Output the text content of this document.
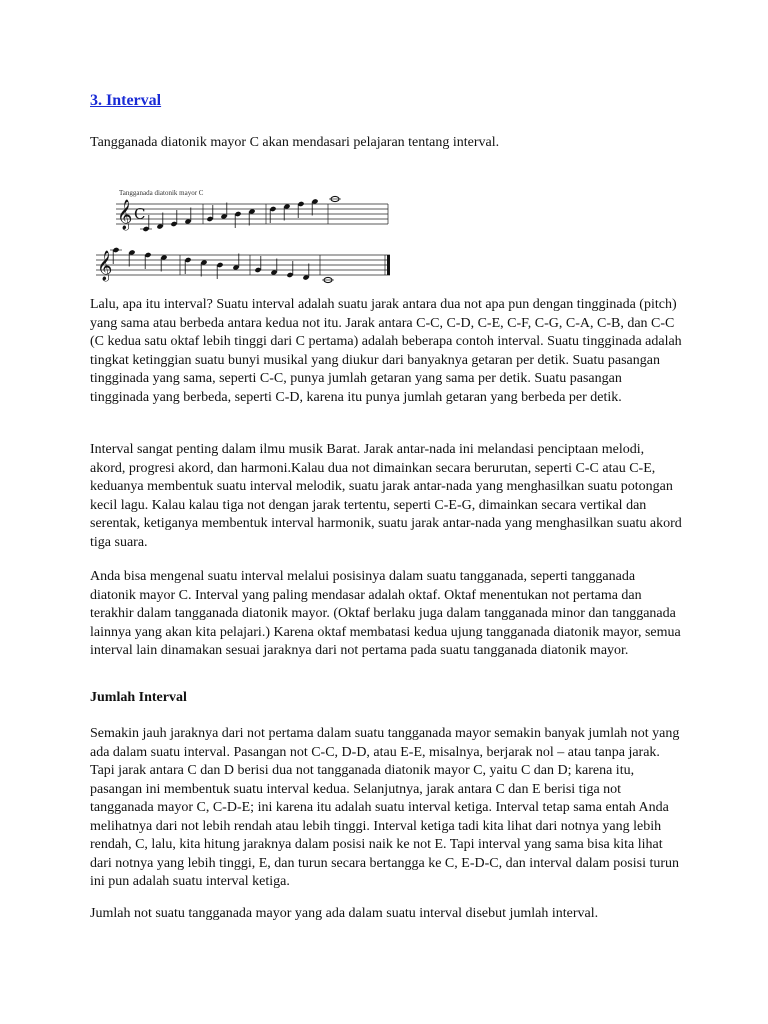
3. Interval

Tangganada diatonik mayor C akan mendasari pelajaran tentang interval.

Tangganada diatonik mayor C
𝄞 C
𝄞

Lalu, apa itu interval? Suatu interval adalah suatu jarak antara dua not apa pun dengan tingginada (pitch) yang sama atau berbeda antara kedua not itu. Jarak antara C-C, C-D, C-E, C-F, C-G, C-A, C-B, dan C-C (C kedua satu oktaf lebih tinggi dari C pertama) adalah beberapa contoh interval. Suatu tingginada adalah tingkat ketinggian suatu bunyi musikal yang diukur dari banyaknya getaran per detik. Suatu pasangan tingginada yang sama, seperti C-C, punya jumlah getaran yang sama per detik. Suatu pasangan tingginada yang berbeda, seperti C-D, karena itu punya jumlah getaran yang berbeda per detik.

Interval sangat penting dalam ilmu musik Barat. Jarak antar-nada ini melandasi penciptaan melodi, akord, progresi akord, dan harmoni.Kalau dua not dimainkan secara berurutan, seperti C-C atau C-E, keduanya membentuk suatu interval melodik, suatu jarak antar-nada yang menghasilkan suatu potongan kecil lagu. Kalau kalau tiga not dengan jarak tertentu, seperti C-E-G, dimainkan secara vertikal dan serentak, ketiganya membentuk interval harmonik, suatu jarak antar-nada yang menghasilkan suatu akord tiga suara.

Anda bisa mengenal suatu interval melalui posisinya dalam suatu tangganada, seperti tangganada diatonik mayor C. Interval yang paling mendasar adalah oktaf. Oktaf menentukan not pertama dan terakhir dalam tangganada diatonik mayor. (Oktaf berlaku juga dalam tangganada minor dan tangganada lainnya yang akan kita pelajari.) Karena oktaf membatasi kedua ujung tangganada diatonik mayor, semua interval lain dinamakan sesuai jaraknya dari not pertama pada suatu tangganada diatonik mayor.

Jumlah Interval

Semakin jauh jaraknya dari not pertama dalam suatu tangganada mayor semakin banyak jumlah not yang ada dalam suatu interval. Pasangan not C-C, D-D, atau E-E, misalnya, berjarak nol – atau tanpa jarak. Tapi jarak antara C dan D berisi dua not tangganada diatonik mayor C, yaitu C dan D; karena itu, pasangan ini membentuk suatu interval kedua. Selanjutnya, jarak antara C dan E berisi tiga not tangganada mayor C, C-D-E; ini karena itu adalah suatu interval ketiga. Interval tetap sama entah Anda melihatnya dari not lebih rendah atau lebih tinggi. Interval ketiga tadi kita lihat dari notnya yang lebih rendah, C, lalu, kita hitung jaraknya dalam posisi naik ke not E. Tapi interval yang sama bisa kita lihat dari notnya yang lebih tinggi, E, dan turun secara bertangga ke C, E-D-C, dan interval dalam posisi turun ini pun adalah suatu interval ketiga.

Jumlah not suatu tangganada mayor yang ada dalam suatu interval disebut jumlah interval.
